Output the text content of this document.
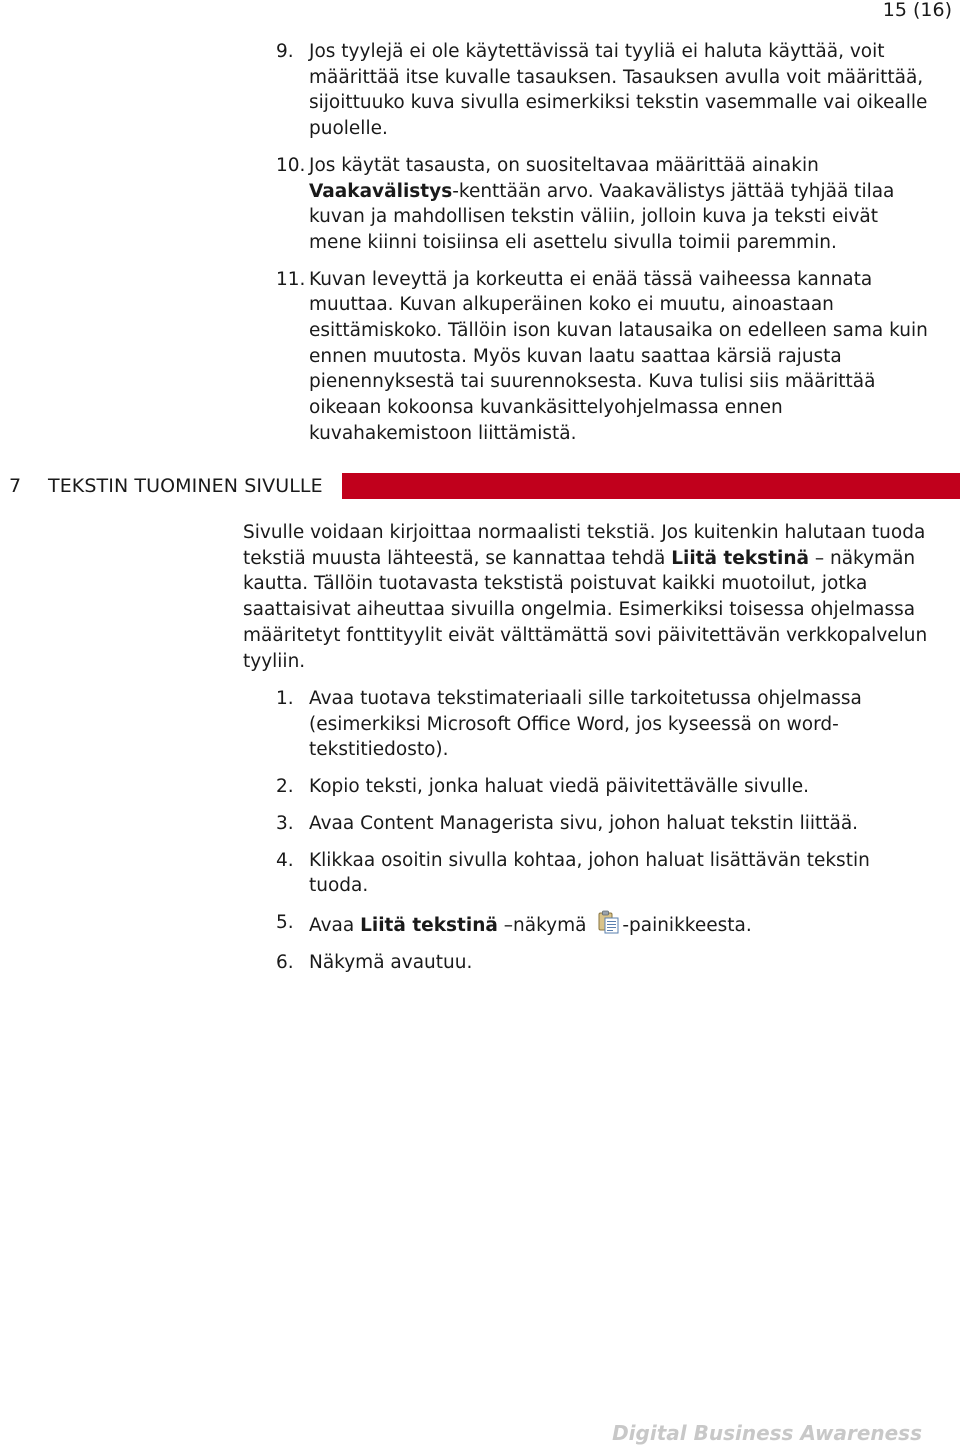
15 (16)
9. Jos tyylejä ei ole käytettävissä tai tyyliä ei haluta käyttää, voit määrittää itse kuvalle tasauksen. Tasauksen avulla voit määrittää, sijoittuuko kuva sivulla esimerkiksi tekstin vasemmalle vai oikealle puolelle.
10. Jos käytät tasausta, on suositeltavaa määrittää ainakin Vaakavälistys-kenttään arvo. Vaakavälistys jättää tyhjää tilaa kuvan ja mahdollisen tekstin väliin, jolloin kuva ja teksti eivät mene kiinni toisiinsa eli asettelu sivulla toimii paremmin.
11. Kuvan leveyttä ja korkeutta ei enää tässä vaiheessa kannata muuttaa. Kuvan alkuperäinen koko ei muutu, ainoastaan esittämiskoko. Tällöin ison kuvan latausaika on edelleen sama kuin ennen muutosta. Myös kuvan laatu saattaa kärsiä rajusta pienennyksestä tai suurennoksesta. Kuva tulisi siis määrittää oikeaan kokoonsa kuvankäsittelyohjelmassa ennen kuvahakemistoon liittämistä.
7 TEKSTIN TUOMINEN SIVULLE

Sivulle voidaan kirjoittaa normaalisti tekstiä. Jos kuitenkin halutaan tuoda tekstiä muusta lähteestä, se kannattaa tehdä Liitä tekstinä – näkymän kautta. Tällöin tuotavasta tekstistä poistuvat kaikki muotoilut, jotka saattaisivat aiheuttaa sivuilla ongelmia. Esimerkiksi toisessa ohjelmassa määritetyt fonttityylit eivät välttämättä sovi päivitettävän verkkopalvelun tyyliin.

1. Avaa tuotava tekstimateriaali sille tarkoitetussa ohjelmassa (esimerkiksi Microsoft Office Word, jos kyseessä on word-tekstitiedosto).
2. Kopio teksti, jonka haluat viedä päivitettävälle sivulle.
3. Avaa Content Managerista sivu, johon haluat tekstin liittää.
4. Klikkaa osoitin sivulla kohtaa, johon haluat lisättävän tekstin tuoda.
5. Avaa Liitä tekstinä –näkymä -painikkeesta.
6. Näkymä avautuu.
Digital Business Awareness
